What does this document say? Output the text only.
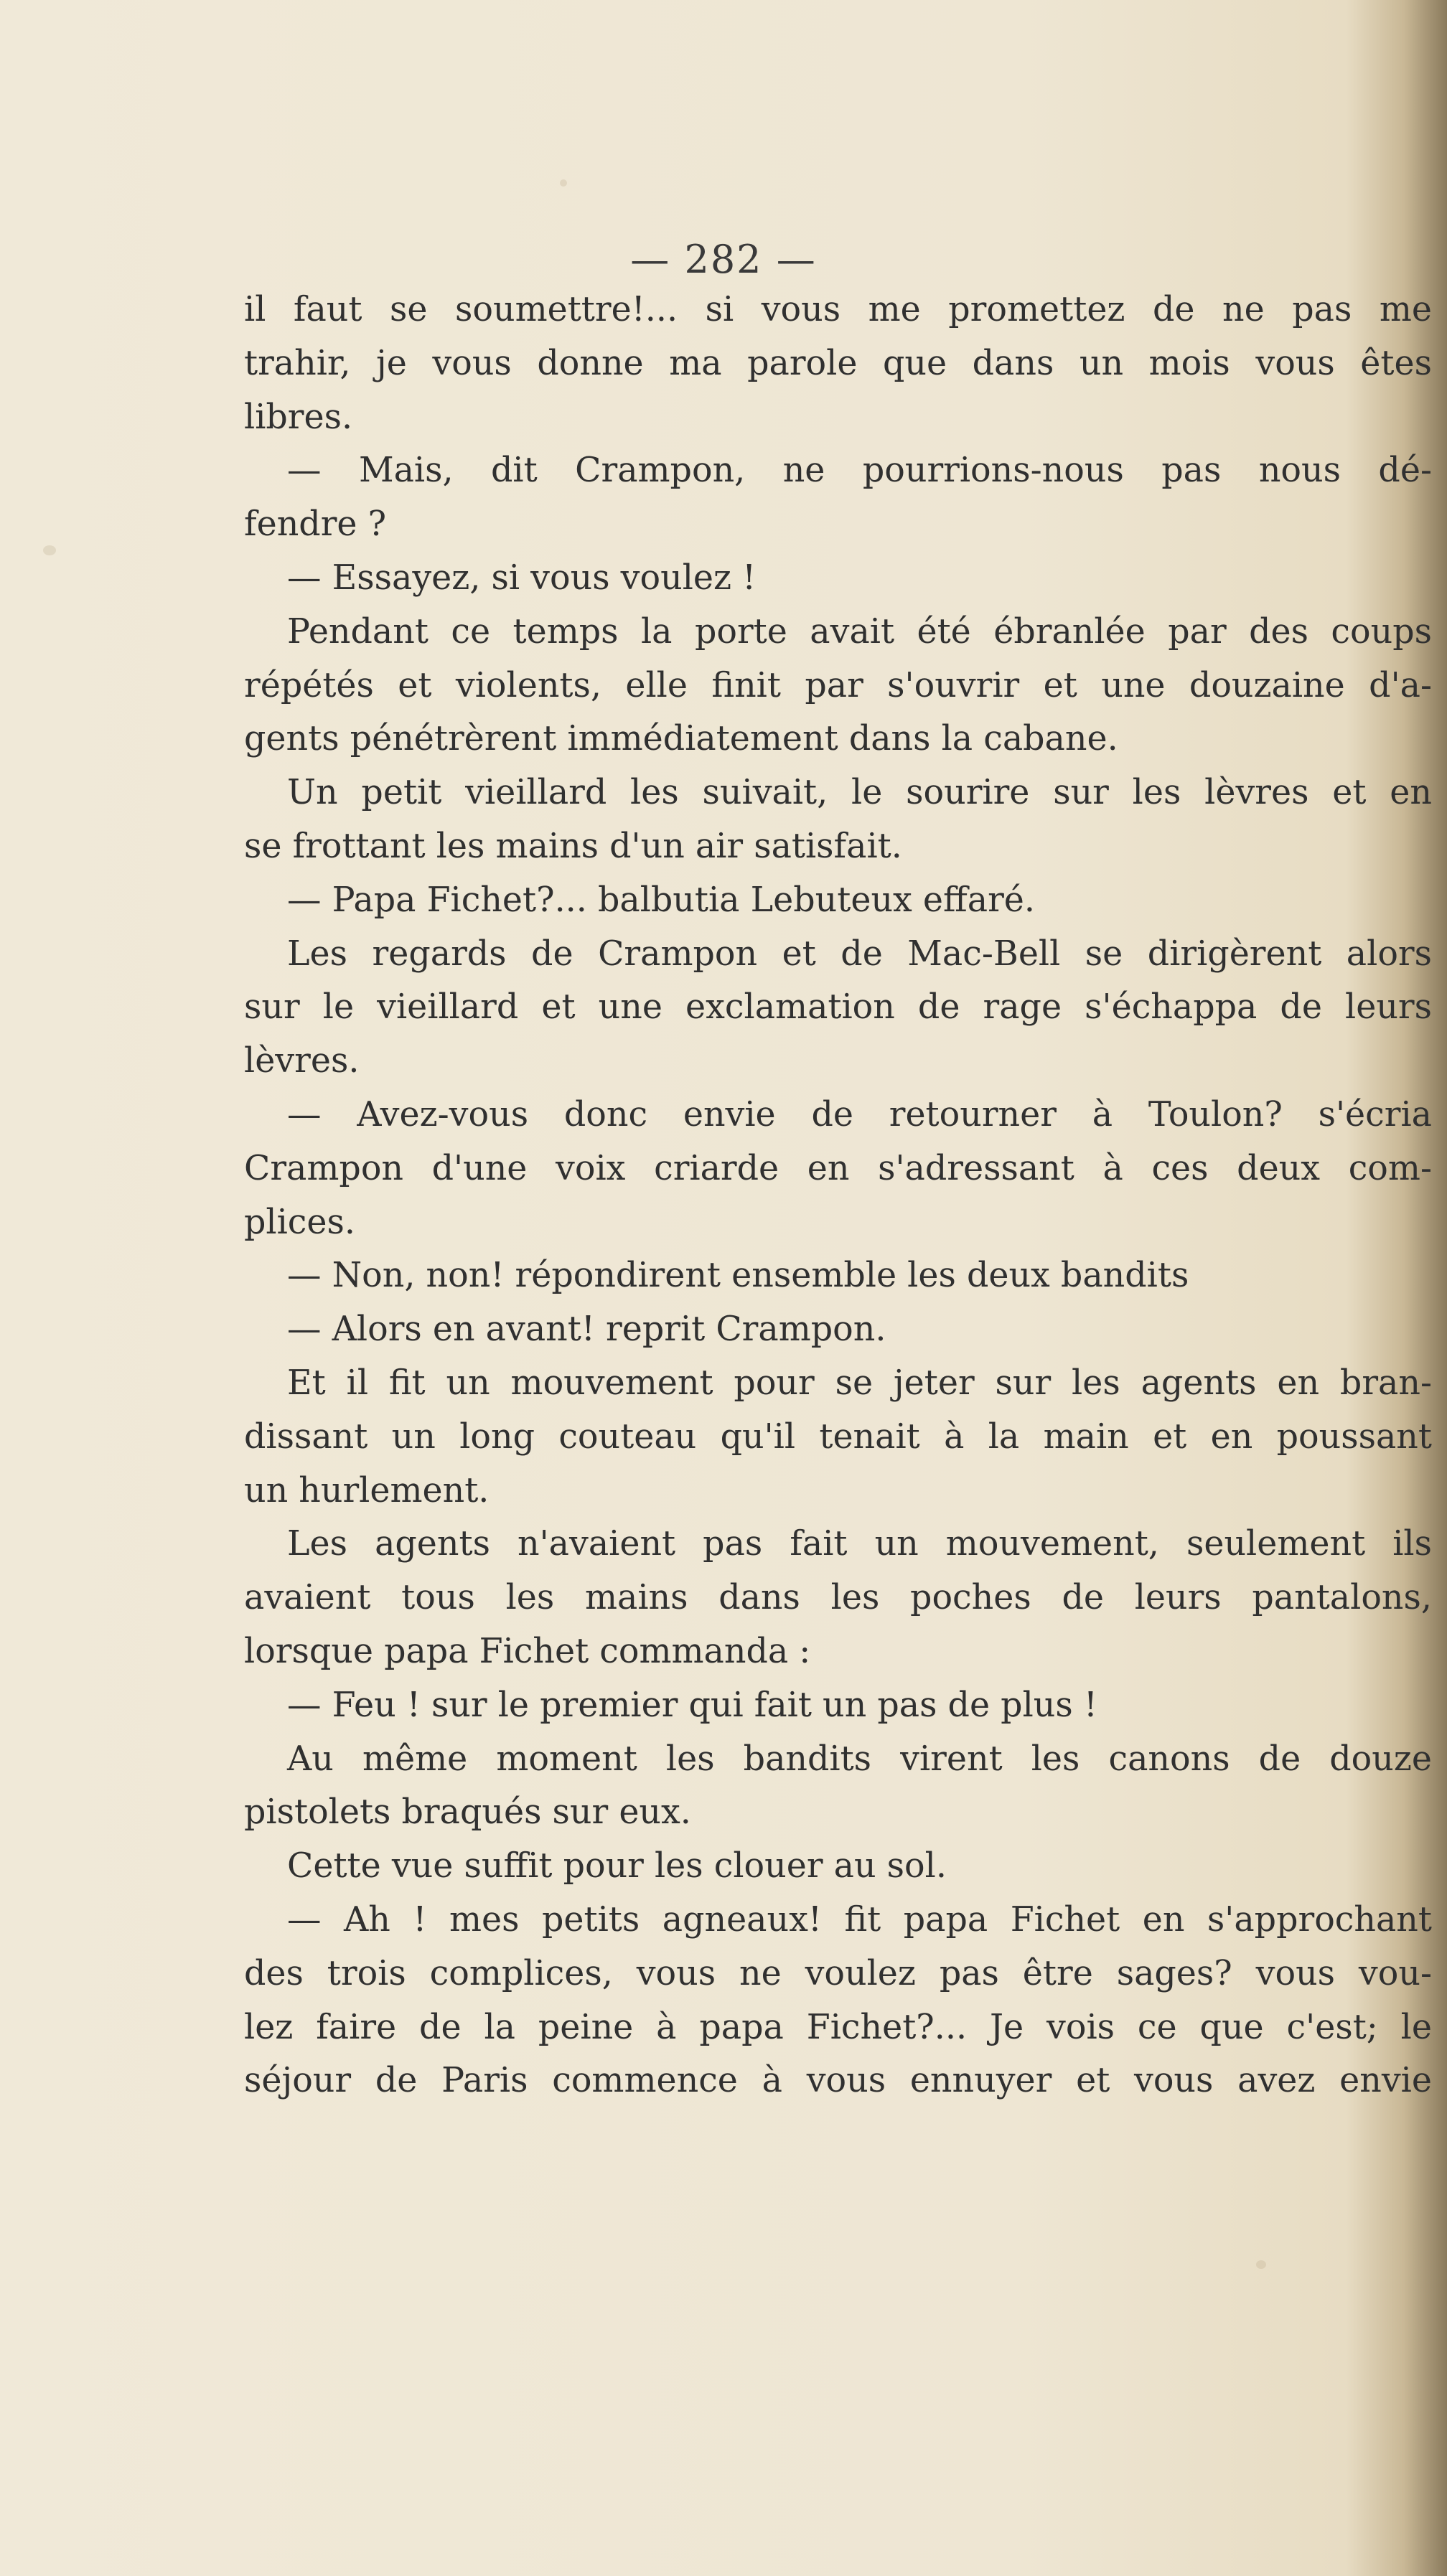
— 282 —
il faut se soumettre!... si vous me promettez de ne pas me
trahir, je vous donne ma parole que dans un mois vous êtes
libres.
— Mais, dit Crampon, ne pourrions-nous pas nous dé-
fendre ?
— Essayez, si vous voulez !
Pendant ce temps la porte avait été ébranlée par des coups
répétés et violents, elle finit par s'ouvrir et une douzaine d'a-
gents pénétrèrent immédiatement dans la cabane.
Un petit vieillard les suivait, le sourire sur les lèvres et en
se frottant les mains d'un air satisfait.
— Papa Fichet?... balbutia Lebuteux effaré.
Les regards de Crampon et de Mac-Bell se dirigèrent alors
sur le vieillard et une exclamation de rage s'échappa de leurs
lèvres.
— Avez-vous donc envie de retourner à Toulon? s'écria
Crampon d'une voix criarde en s'adressant à ces deux com-
plices.
— Non, non! répondirent ensemble les deux bandits
— Alors en avant! reprit Crampon.
Et il fit un mouvement pour se jeter sur les agents en bran-
dissant un long couteau qu'il tenait à la main et en poussant
un hurlement.
Les agents n'avaient pas fait un mouvement, seulement ils
avaient tous les mains dans les poches de leurs pantalons,
lorsque papa Fichet commanda :
— Feu ! sur le premier qui fait un pas de plus !
Au même moment les bandits virent les canons de douze
pistolets braqués sur eux.
Cette vue suffit pour les clouer au sol.
— Ah ! mes petits agneaux! fit papa Fichet en s'approchant
des trois complices, vous ne voulez pas être sages? vous vou-
lez faire de la peine à papa Fichet?... Je vois ce que c'est; le
séjour de Paris commence à vous ennuyer et vous avez envie
